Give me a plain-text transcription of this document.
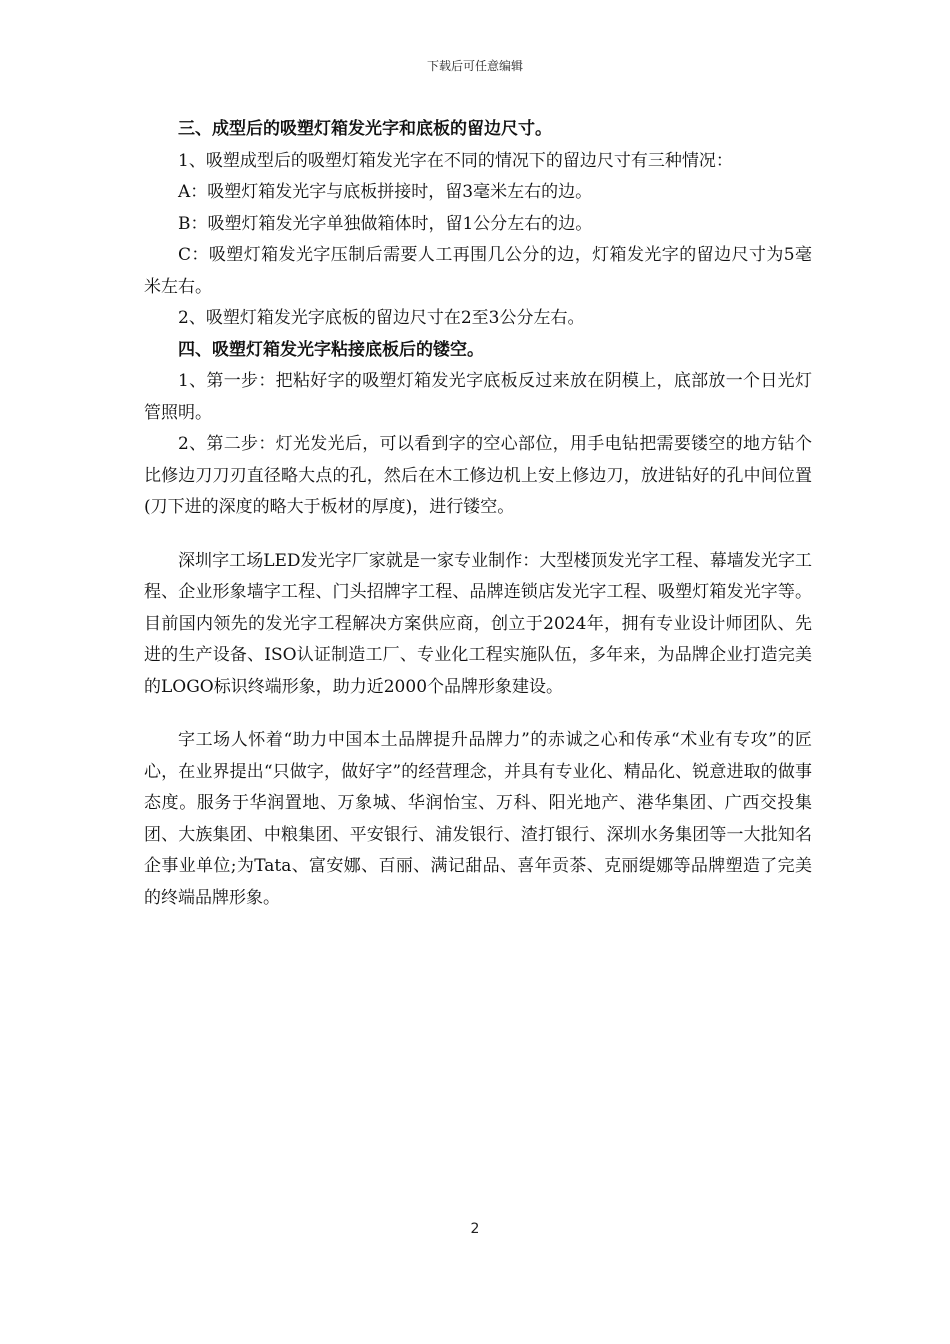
下载后可任意编辑

三、成型后的吸塑灯箱发光字和底板的留边尺寸。

1、吸塑成型后的吸塑灯箱发光字在不同的情况下的留边尺寸有三种情况：

A：吸塑灯箱发光字与底板拼接时，留3毫米左右的边。

B：吸塑灯箱发光字单独做箱体时，留1公分左右的边。

C：吸塑灯箱发光字压制后需要人工再围几公分的边，灯箱发光字的留边尺寸为5毫米左右。

2、吸塑灯箱发光字底板的留边尺寸在2至3公分左右。

四、吸塑灯箱发光字粘接底板后的镂空。

1、第一步：把粘好字的吸塑灯箱发光字底板反过来放在阴模上，底部放一个日光灯管照明。

2、第二步：灯光发光后，可以看到字的空心部位，用手电钻把需要镂空的地方钻个比修边刀刀刃直径略大点的孔，然后在木工修边机上安上修边刀，放进钻好的孔中间位置(刀下进的深度的略大于板材的厚度)，进行镂空。

深圳字工场LED发光字厂家就是一家专业制作：大型楼顶发光字工程、幕墙发光字工程、企业形象墙字工程、门头招牌字工程、品牌连锁店发光字工程、吸塑灯箱发光字等。目前国内领先的发光字工程解决方案供应商，创立于2024年，拥有专业设计师团队、先进的生产设备、ISO认证制造工厂、专业化工程实施队伍，多年来，为品牌企业打造完美的LOGO标识终端形象，助力近2000个品牌形象建设。

字工场人怀着“助力中国本土品牌提升品牌力”的赤诚之心和传承“术业有专攻”的匠心，在业界提出“只做字，做好字”的经营理念，并具有专业化、精品化、锐意进取的做事态度。服务于华润置地、万象城、华润怡宝、万科、阳光地产、港华集团、广西交投集团、大族集团、中粮集团、平安银行、浦发银行、渣打银行、深圳水务集团等一大批知名企事业单位;为Tata、富安娜、百丽、满记甜品、喜年贡茶、克丽缇娜等品牌塑造了完美的终端品牌形象。

2
